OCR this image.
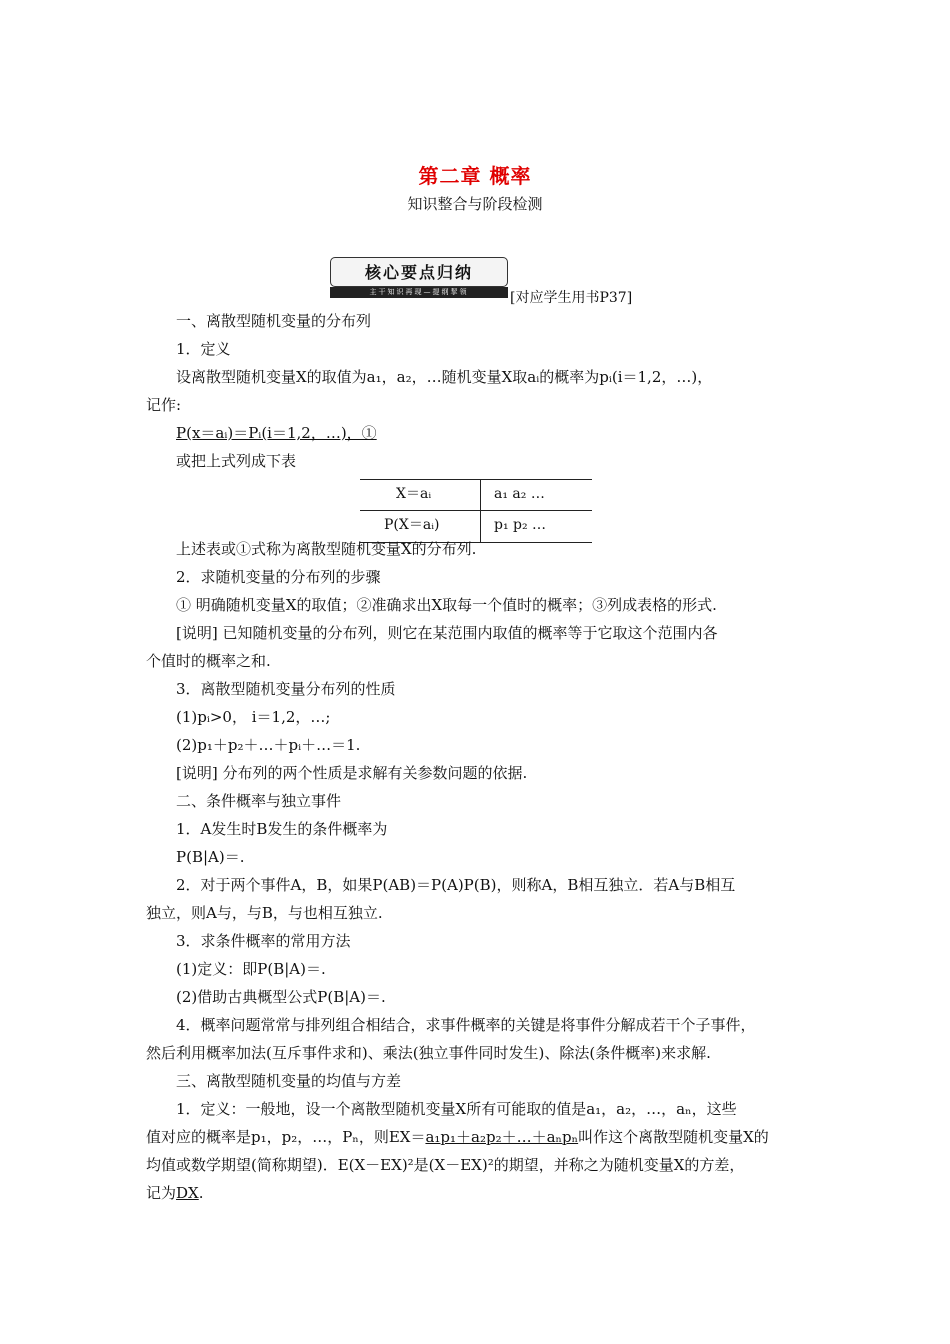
第二章 概率
知识整合与阶段检测
核心要点归纳
主干知识再现—提纲挈领	[对应学生用书P37]
一、离散型随机变量的分布列
1．定义
设离散型随机变量X的取值为a₁，a₂，…随机变量X取aᵢ的概率为pᵢ(i＝1,2，…)，
记作:
P(x＝aᵢ)＝Pᵢ(i＝1,2，…)，①
或把上式列成下表
X＝aᵢ	a₁ a₂ …
P(X＝aᵢ)	p₁ p₂ …
上述表或①式称为离散型随机变量X的分布列.
2．求随机变量的分布列的步骤
① 明确随机变量X的取值；②准确求出X取每一个值时的概率；③列成表格的形式.
[说明] 已知随机变量的分布列，则它在某范围内取值的概率等于它取这个范围内各
个值时的概率之和.
3．离散型随机变量分布列的性质
(1)pᵢ>0， i＝1,2，…;
(2)p₁＋p₂＋…＋pᵢ＋…＝1.
[说明] 分布列的两个性质是求解有关参数问题的依据.
二、条件概率与独立事件
1．A发生时B发生的条件概率为
P(B|A)＝.
2．对于两个事件A，B，如果P(AB)＝P(A)P(B)，则称A，B相互独立．若A与B相互
独立，则A与，与B，与也相互独立.
3．求条件概率的常用方法
(1)定义：即P(B|A)＝.
(2)借助古典概型公式P(B|A)＝.
4．概率问题常常与排列组合相结合，求事件概率的关键是将事件分解成若干个子事件，
然后利用概率加法(互斥事件求和)、乘法(独立事件同时发生)、除法(条件概率)来求解.
三、离散型随机变量的均值与方差
1．定义：一般地，设一个离散型随机变量X所有可能取的值是a₁，a₂，…，aₙ，这些
值对应的概率是p₁，p₂，…，Pₙ，则EX＝a₁p₁＋a₂p₂＋…＋aₙpₙ叫作这个离散型随机变量X的
均值或数学期望(简称期望)．E(X－EX)²是(X－EX)²的期望，并称之为随机变量X的方差，
记为DX.
